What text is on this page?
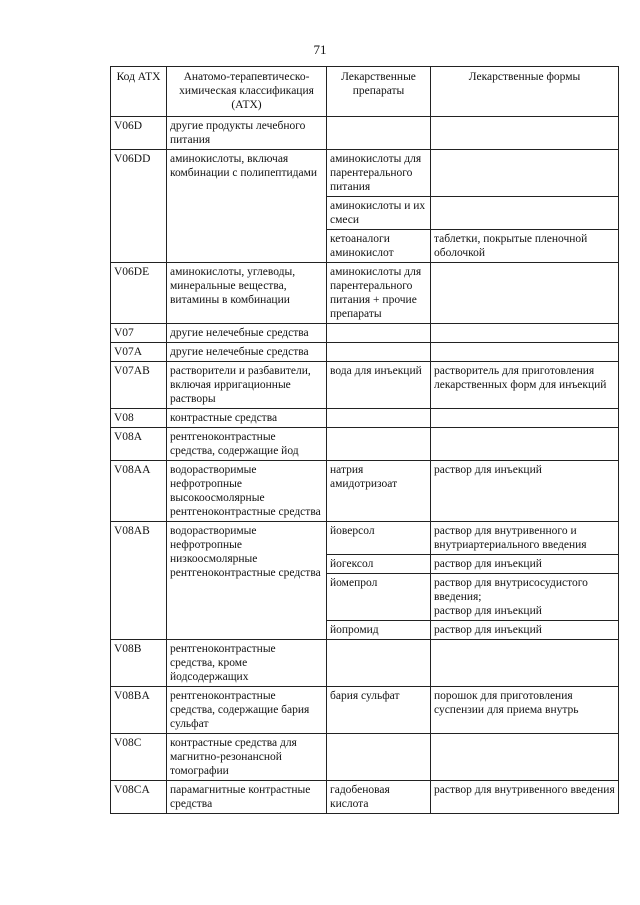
71
Код АТХ	Анатомо-терапевтическо-химическая классификация (АТХ)	Лекарственные препараты	Лекарственные формы
V06D	другие продукты лечебного питания		
V06DD	аминокислоты, включая комбинации с полипептидами	аминокислоты для парентерального питания	
		аминокислоты и их смеси	
		кетоаналоги аминокислот	таблетки, покрытые пленочной оболочкой
V06DE	аминокислоты, углеводы, минеральные вещества, витамины в комбинации	аминокислоты для парентерального питания + прочие препараты	
V07	другие нелечебные средства		
V07A	другие нелечебные средства		
V07AB	растворители и разбавители, включая ирригационные растворы	вода для инъекций	растворитель для приготовления лекарственных форм для инъекций
V08	контрастные средства		
V08A	рентгеноконтрастные средства, содержащие йод		
V08AA	водорастворимые нефротропные высокоосмолярные рентгеноконтрастные средства	натрия амидотризоат	раствор для инъекций
V08AB	водорастворимые нефротропные низкоосмолярные рентгеноконтрастные средства	йоверсол	раствор для внутривенного и внутриартериального введения
		йогексол	раствор для инъекций
		йомепрол	раствор для внутрисосудистого введения;
раствор для инъекций
		йопромид	раствор для инъекций
V08B	рентгеноконтрастные средства, кроме йодсодержащих		
V08BA	рентгеноконтрастные средства, содержащие бария сульфат	бария сульфат	порошок для приготовления суспензии для приема внутрь
V08C	контрастные средства для магнитно-резонансной томографии		
V08CA	парамагнитные контрастные средства	гадобеновая кислота	раствор для внутривенного введения
